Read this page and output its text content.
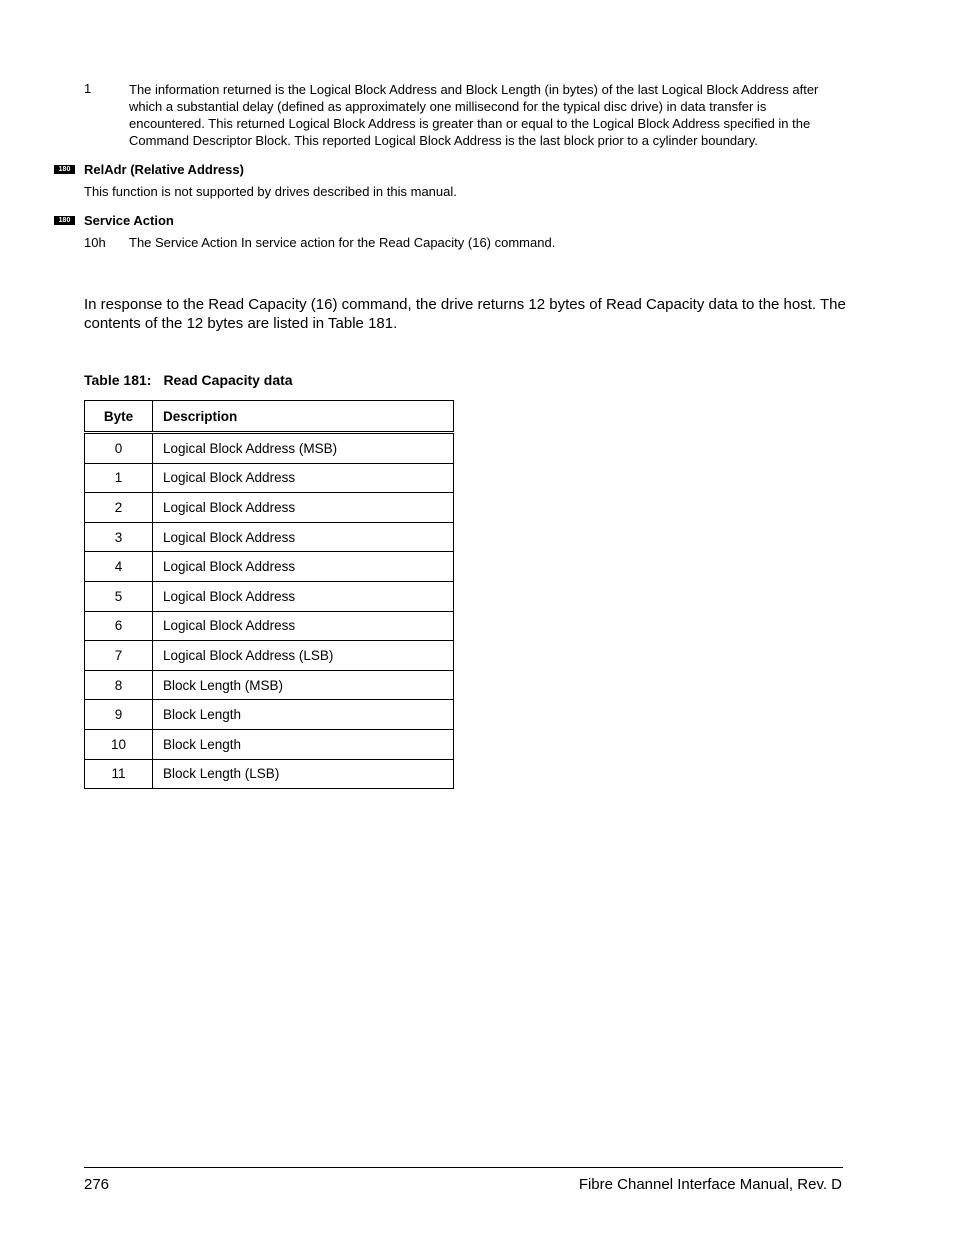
1	The information returned is the Logical Block Address and Block Length (in bytes) of the last Logical Block Address after which a substantial delay (defined as approximately one millisecond for the typical disc drive) in data transfer is encountered. This returned Logical Block Address is greater than or equal to the Logical Block Address specified in the Command Descriptor Block. This reported Logical Block Address is the last block prior to a cylinder boundary.
180	RelAdr (Relative Address)
This function is not supported by drives described in this manual.
180	Service Action
10h The Service Action In service action for the Read Capacity (16) command.
In response to the Read Capacity (16) command, the drive returns 12 bytes of Read Capacity data to the host. The contents of the 12 bytes are listed in Table 181.
Table 181: Read Capacity data
Byte	Description
0	Logical Block Address (MSB)
1	Logical Block Address
2	Logical Block Address
3	Logical Block Address
4	Logical Block Address
5	Logical Block Address
6	Logical Block Address
7	Logical Block Address (LSB)
8	Block Length (MSB)
9	Block Length
10	Block Length
11	Block Length (LSB)
276	Fibre Channel Interface Manual, Rev. D
